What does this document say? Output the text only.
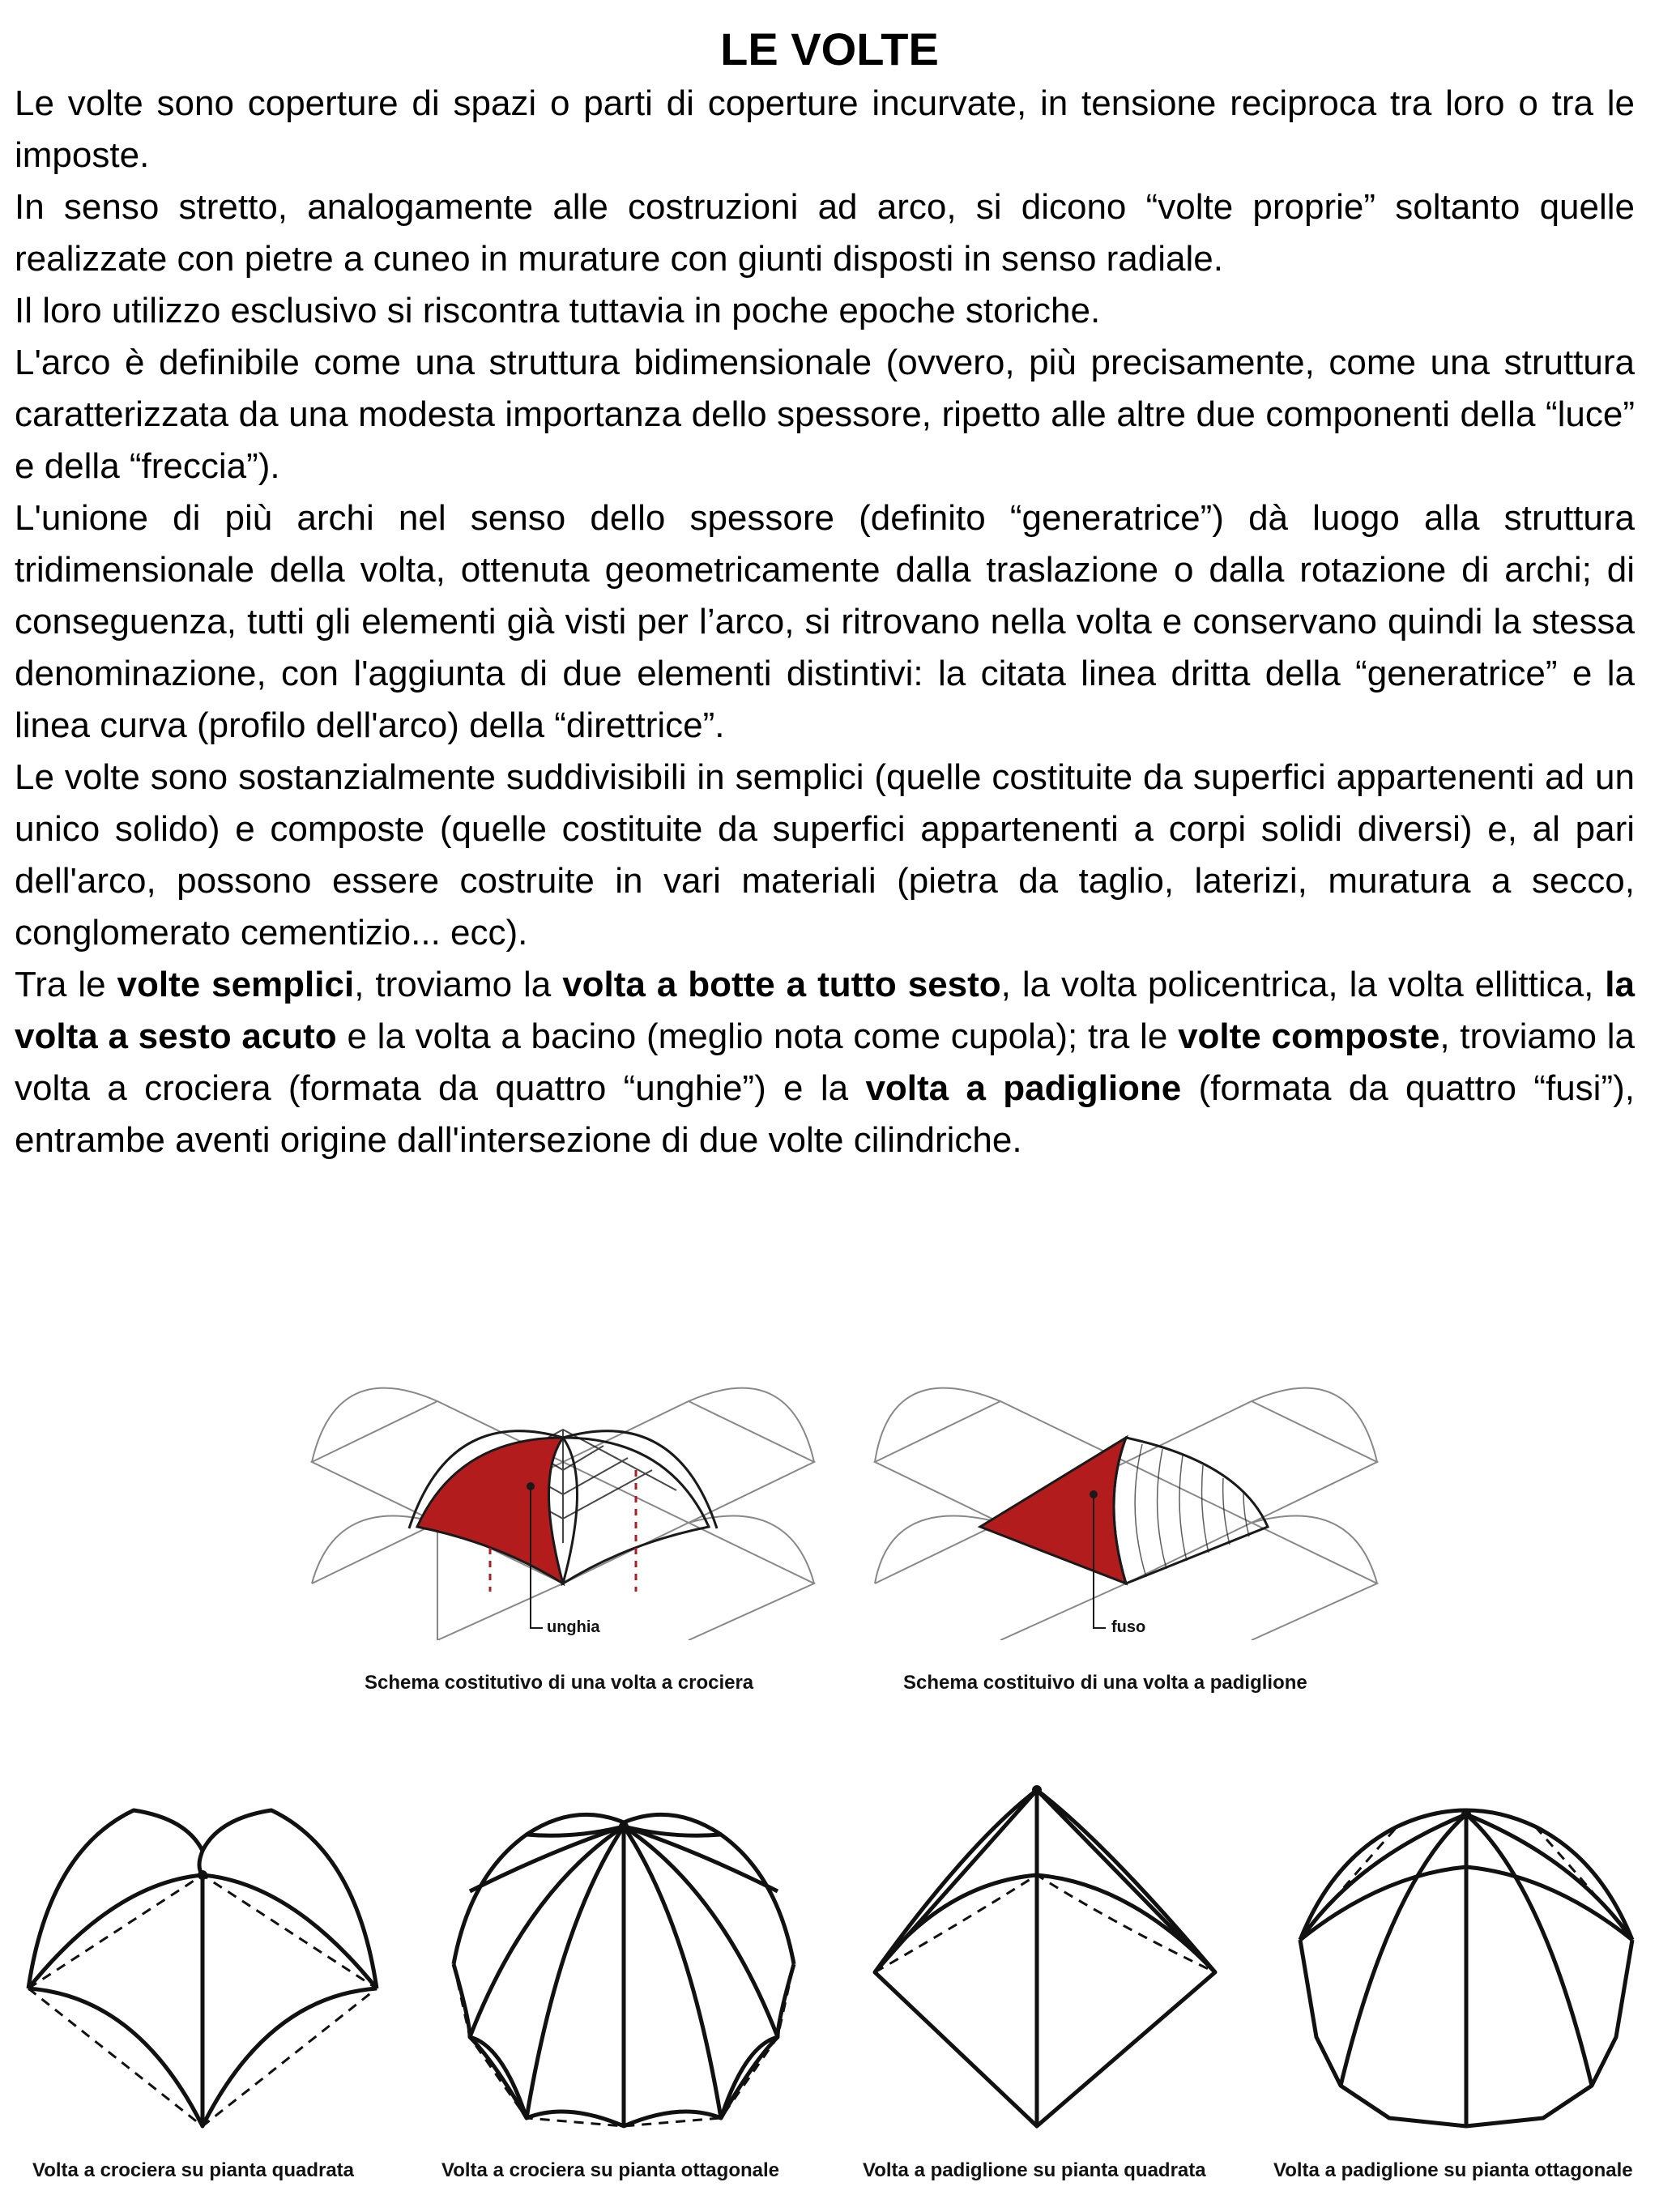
LE VOLTE

Le volte sono coperture di spazi o parti di coperture incurvate, in tensione reciproca tra loro o tra le imposte.

In senso stretto, analogamente alle costruzioni ad arco, si dicono “volte proprie” soltanto quelle realizzate con pietre a cuneo in murature con giunti disposti in senso radiale.

Il loro utilizzo esclusivo si riscontra tuttavia in poche epoche storiche.

L'arco è definibile come una struttura bidimensionale (ovvero, più precisamente, come una struttura caratterizzata da una modesta importanza dello spessore, ripetto alle altre due componenti della “luce” e della “freccia”).

L'unione di più archi nel senso dello spessore (definito “generatrice”) dà luogo alla struttura tridimensionale della volta, ottenuta geometricamente dalla traslazione o dalla rotazione di archi; di conseguenza, tutti gli elementi già visti per l’arco, si ritrovano nella volta e conservano quindi la stessa denominazione, con l'aggiunta di due elementi distintivi: la citata linea dritta della “generatrice” e la linea curva (profilo dell'arco) della “direttrice”.

Le volte sono sostanzialmente suddivisibili in semplici (quelle costituite da superfici appartenenti ad un unico solido) e composte (quelle costituite da superfici appartenenti a corpi solidi diversi) e, al pari dell'arco, possono essere costruite in vari materiali (pietra da taglio, laterizi, muratura a secco, conglomerato cementizio... ecc).

Tra le volte semplici, troviamo la volta a botte a tutto sesto, la volta policentrica, la volta ellittica, la volta a sesto acuto e la volta a bacino (meglio nota come cupola); tra le volte composte, troviamo la volta a crociera (formata da quattro “unghie”) e la volta a padiglione (formata da quattro “fusi”), entrambe aventi origine dall'intersezione di due volte cilindriche.

unghia
Schema costitutivo di una volta a crociera
fuso
Schema costituivo di una volta a padiglione
Volta a crociera su pianta quadrata	Volta a crociera su pianta ottagonale	Volta a padiglione su pianta quadrata	Volta a padiglione su pianta ottagonale
